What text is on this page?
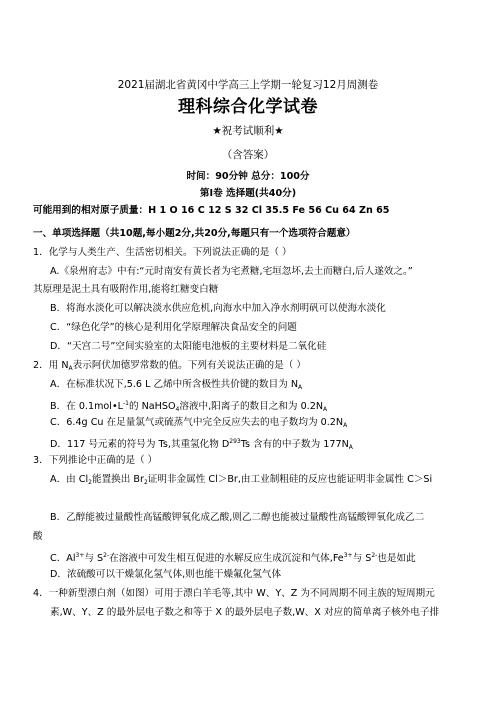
2021届湖北省黄冈中学高三上学期一轮复习12月周测卷
理科综合化学试卷
★祝考试顺利★
（含答案）
时间：90分钟 总分：100分
第Ⅰ卷 选择题(共40分)
可能用到的相对原子质量：H 1 O 16 C 12 S 32 Cl 35.5 Fe 56 Cu 64 Zn 65
一、单项选择题（共10题,每小题2分,共20分,每题只有一个选项符合题意）
1．化学与人类生产、生活密切相关。下列说法正确的是（ ）
A.《泉州府志》中有:“元时南安有黄长者为宅煮糖,宅垣忽坏,去土而糖白,后人遂效之。”
其原理是泥土具有吸附作用,能将红糖变白糖
B．将海水淡化可以解决淡水供应危机,向海水中加入净水剂明矾可以使海水淡化
C．“绿色化学”的核心是利用化学原理解决食品安全的问题
D．“天宫二号”空间实验室的太阳能电池板的主要材料是二氧化硅
2．用 $N_A$表示阿伏加德罗常数的值。下列有关说法正确的是（ ）
A．在标准状况下,5.6 L 乙烯中所含极性共价键的数目为 $N_A$
B．在 $0.1mol•L^{-1}$的 NaHSO$_4$溶液中,阳离子的数目之和为 $0.2N_A$
C．6.4g Cu 在足量氯气或硫蒸气中完全反应失去的电子数均为 $0.2N_A$
D．117 号元素的符号为 Ts,其重氢化物 $D^{293}Ts$ 含有的中子数为 $177N_A$
3．下列推论中正确的是（ ）
A．由 $Cl_2$能置换出 $Br_2$证明非金属性 Cl＞Br,由工业制粗硅的反应也能证明非金属性 C＞Si
B．乙醇能被过量酸性高锰酸钾氧化成乙酸,则乙二醇也能被过量酸性高锰酸钾氧化成乙二
酸
C．$Al^{3+}$与 $S^{2-}$在溶液中可发生相互促进的水解反应生成沉淀和气体$,Fe^{3+}$与 $S^{2-}$也是如此
D．浓硫酸可以干燥氯化氢气体,则也能干燥氟化氢气体
4．一种新型漂白剂（如图）可用于漂白羊毛等,其中 W、Y、Z 为不同周期不同主族的短周期元
素,W、Y、Z 的最外层电子数之和等于 X 的最外层电子数,W、X 对应的简单离子核外电子排
